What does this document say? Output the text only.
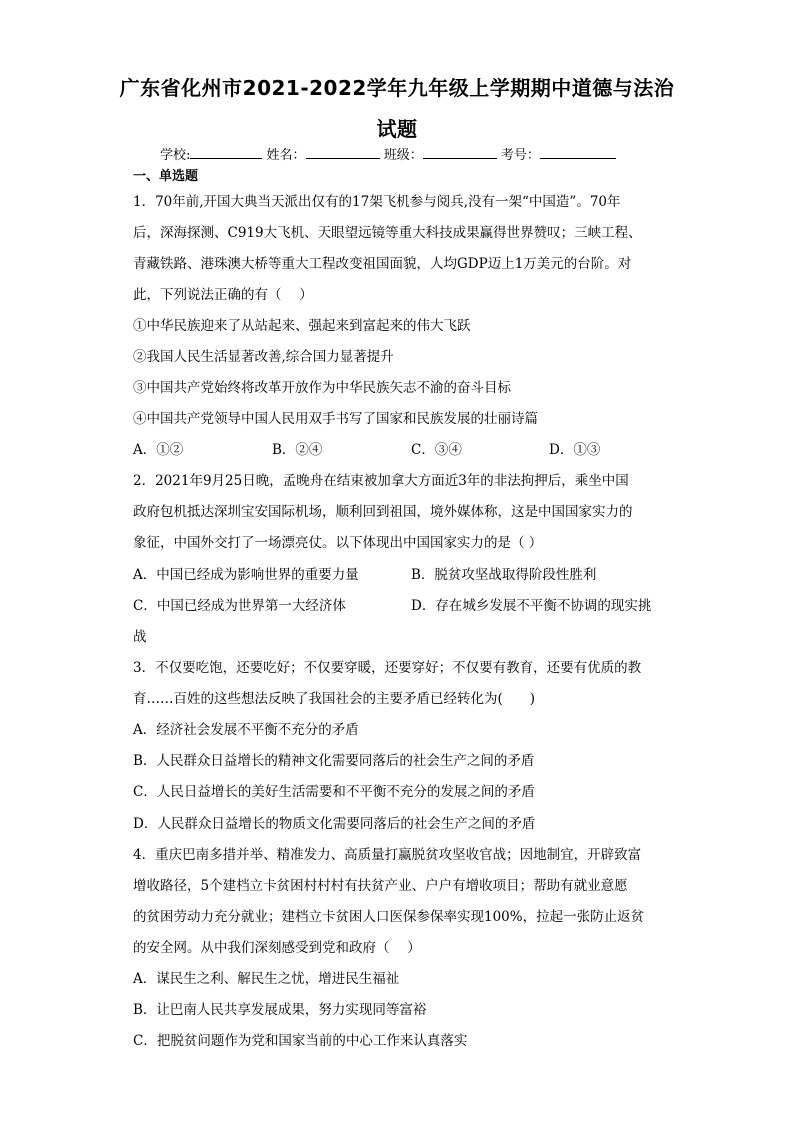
广东省化州市2021-2022学年九年级上学期期中道德与法治
试题
学校:	姓名：	班级：	考号：
一、单选题
1．70年前,开国大典当天派出仅有的17架飞机参与阅兵,没有一架“中国造”。70年
后，深海探测、C919大飞机、天眼望远镜等重大科技成果赢得世界赞叹；三峡工程、
青藏铁路、港珠澳大桥等重大工程改变祖国面貌，人均GDP迈上1万美元的台阶。对
此，下列说法正确的有（　 ）
①中华民族迎来了从站起来、强起来到富起来的伟大飞跃
②我国人民生活显著改善,综合国力显著提升
③中国共产党始终将改革开放作为中华民族矢志不渝的奋斗目标
④中国共产党领导中国人民用双手书写了国家和民族发展的壮丽诗篇
A．①②	B．②④	C．③④	D．①③
2．2021年9月25日晚，孟晚舟在结束被加拿大方面近3年的非法拘押后，乘坐中国
政府包机抵达深圳宝安国际机场，顺利回到祖国，境外媒体称，这是中国国家实力的
象征，中国外交打了一场漂亮仗。以下体现出中国国家实力的是（ ）
A．中国已经成为影响世界的重要力量	B．脱贫攻坚战取得阶段性胜利
C．中国已经成为世界第一大经济体	D．存在城乡发展不平衡不协调的现实挑
战
3．不仅要吃饱，还要吃好；不仅要穿暖，还要穿好；不仅要有教育，还要有优质的教
育……百姓的这些想法反映了我国社会的主要矛盾已经转化为(　　)
A．经济社会发展不平衡不充分的矛盾
B．人民群众日益增长的精神文化需要同落后的社会生产之间的矛盾
C．人民日益增长的美好生活需要和不平衡不充分的发展之间的矛盾
D．人民群众日益增长的物质文化需要同落后的社会生产之间的矛盾
4．重庆巴南多措并举、精准发力、高质量打赢脱贫攻坚收官战；因地制宜，开辟致富
增收路径，5个建档立卡贫困村村村有扶贫产业、户户有增收项目；帮助有就业意愿
的贫困劳动力充分就业；建档立卡贫困人口医保参保率实现100%，拉起一张防止返贫
的安全网。从中我们深刻感受到党和政府（　 ）
A．谋民生之利、解民生之忧，增进民生福祉
B．让巴南人民共享发展成果，努力实现同等富裕
C．把脱贫问题作为党和国家当前的中心工作来认真落实
